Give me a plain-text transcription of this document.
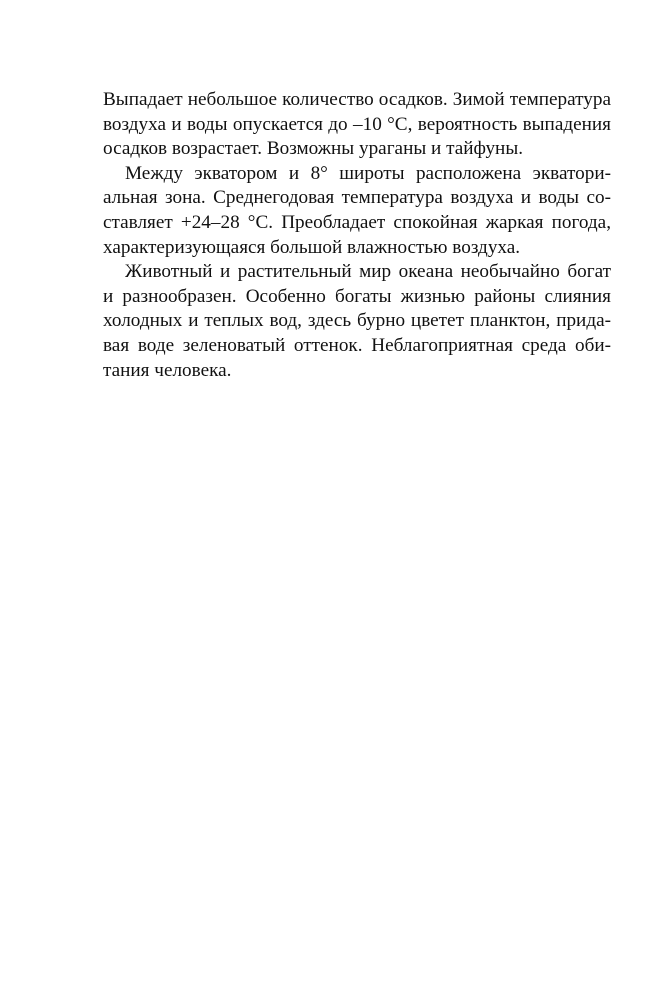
Выпадает небольшое количество осадков. Зимой температура
воздуха и воды опускается до –10 °С, вероятность выпадения
осадков возрастает. Возможны ураганы и тайфуны.
Между экватором и 8° широты расположена экватори-
альная зона. Среднегодовая температура воздуха и воды со-
ставляет +24–28 °С. Преобладает спокойная жаркая погода,
характеризующаяся большой влажностью воздуха.
Животный и растительный мир океана необычайно богат
и разнообразен. Особенно богаты жизнью районы слияния
холодных и теплых вод, здесь бурно цветет планктон, прида-
вая воде зеленоватый оттенок. Неблагоприятная среда оби-
тания человека.
